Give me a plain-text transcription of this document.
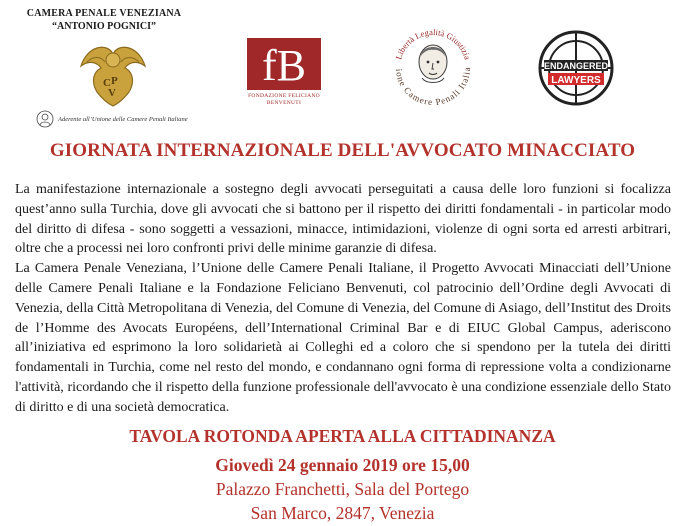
CAMERA PENALE VENEZIANA
“ANTONIO POGNICI”
C P
V
Aderente all’Unione delle Camere Penali Italiane
fB
FONDAZIONE FELICIANO
BENVENUTI
Libertà Legalità Giustizia
ione Camere Penali Italia	ENDANGERED
LAWYERS
GIORNATA INTERNAZIONALE DELL'AVVOCATO MINACCIATO

La manifestazione internazionale a sostegno degli avvocati perseguitati a causa delle loro funzioni si focalizza quest’anno sulla Turchia, dove gli avvocati che si battono per il rispetto dei diritti fondamentali - in particolar modo del diritto di difesa - sono soggetti a vessazioni, minacce, intimidazioni, violenze di ogni sorta ed arresti arbitrari, oltre che a processi nei loro confronti privi delle minime garanzie di difesa.

La Camera Penale Veneziana, l’Unione delle Camere Penali Italiane, il Progetto Avvocati Minacciati dell’Unione delle Camere Penali Italiane e la Fondazione Feliciano Benvenuti, col patrocinio dell’Ordine degli Avvocati di Venezia, della Città Metropolitana di Venezia, del Comune di Venezia, del Comune di Asiago, dell’Institut des Droits de l’Homme des Avocats Européens, dell’International Criminal Bar e di EIUC Global Campus, aderiscono all’iniziativa ed esprimono la loro solidarietà ai Colleghi ed a coloro che si spendono per la tutela dei diritti fondamentali in Turchia, come nel resto del mondo, e condannano ogni forma di repressione volta a condizionarne l'attività, ricordando che il rispetto della funzione professionale dell'avvocato è una condizione essenziale dello Stato di diritto e di una società democratica.

TAVOLA ROTONDA APERTA ALLA CITTADINANZA
Giovedì 24 gennaio 2019 ore 15,00
Palazzo Franchetti, Sala del Portego
San Marco, 2847, Venezia
